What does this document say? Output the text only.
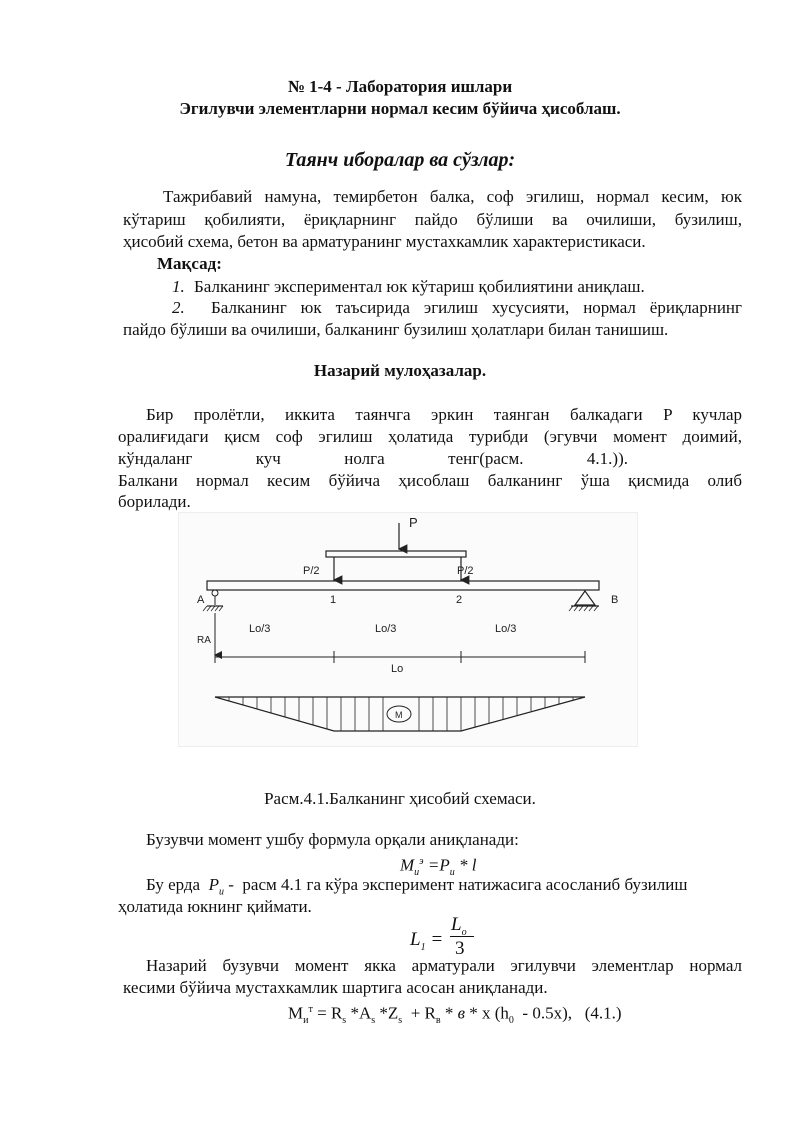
№ 1-4 - Лаборатория ишлари
Эгилувчи элементларни нормал кесим бўйича ҳисоблаш.
Таянч иборалар ва сўзлар:
Тажрибавий намуна, темирбетон балка, соф эгилиш, нормал кесим, юк
кўтариш қобилияти, ёриқларнинг пайдо бўлиши ва очилиши, бузилиш,
ҳисобий схема, бетон ва арматуранинг мустахкамлик характеристикаси.
Мақсад:
1. Балканинг экспериментал юк кўтариш қобилиятини аниқлаш.
2. Балканинг юк таъсирида эгилиш хусусияти, нормал ёриқларнинг
пайдо бўлиши ва очилиши, балканинг бузилиш ҳолатлари билан танишиш.
Назарий мулоҳазалар.
Бир пролётли, иккита таянчга эркин таянган балкадаги P кучлар
оралиғидаги қисм соф эгилиш ҳолатида турибди (эгувчи момент доимий,
кўндаланг куч нолга тенг(расм. 4.1.)).
Балкани нормал кесим бўйича ҳисоблаш балканинг ўша қисмида олиб
борилади.
P
P/2	P/2
A	B
1	2
RA
Lo/3	Lo/3	Lo/3
Lo
M
Расм.4.1.Балканинг ҳисобий схемаси.
Бузувчи момент ушбу формула орқали аниқланади:
$M_и^э =P_и * l$
Бу ерда  $P_и$ -  расм 4.1 га кўра эксперимент натижасига асосланиб бузилиш
ҳолатида юкнинг қиймати.
$L_1$ =
$L_o$
3
Назарий бузувчи момент якка арматурали эгилувчи элементлар нормал
кесими бўйича мустахкамлик шартига асосан аниқланади.
$M_и^т = R_s$ $*A_s$ $*Z_s + R_в * в * x$ $(h_0 - 0.5x)$,   (4.1.)
